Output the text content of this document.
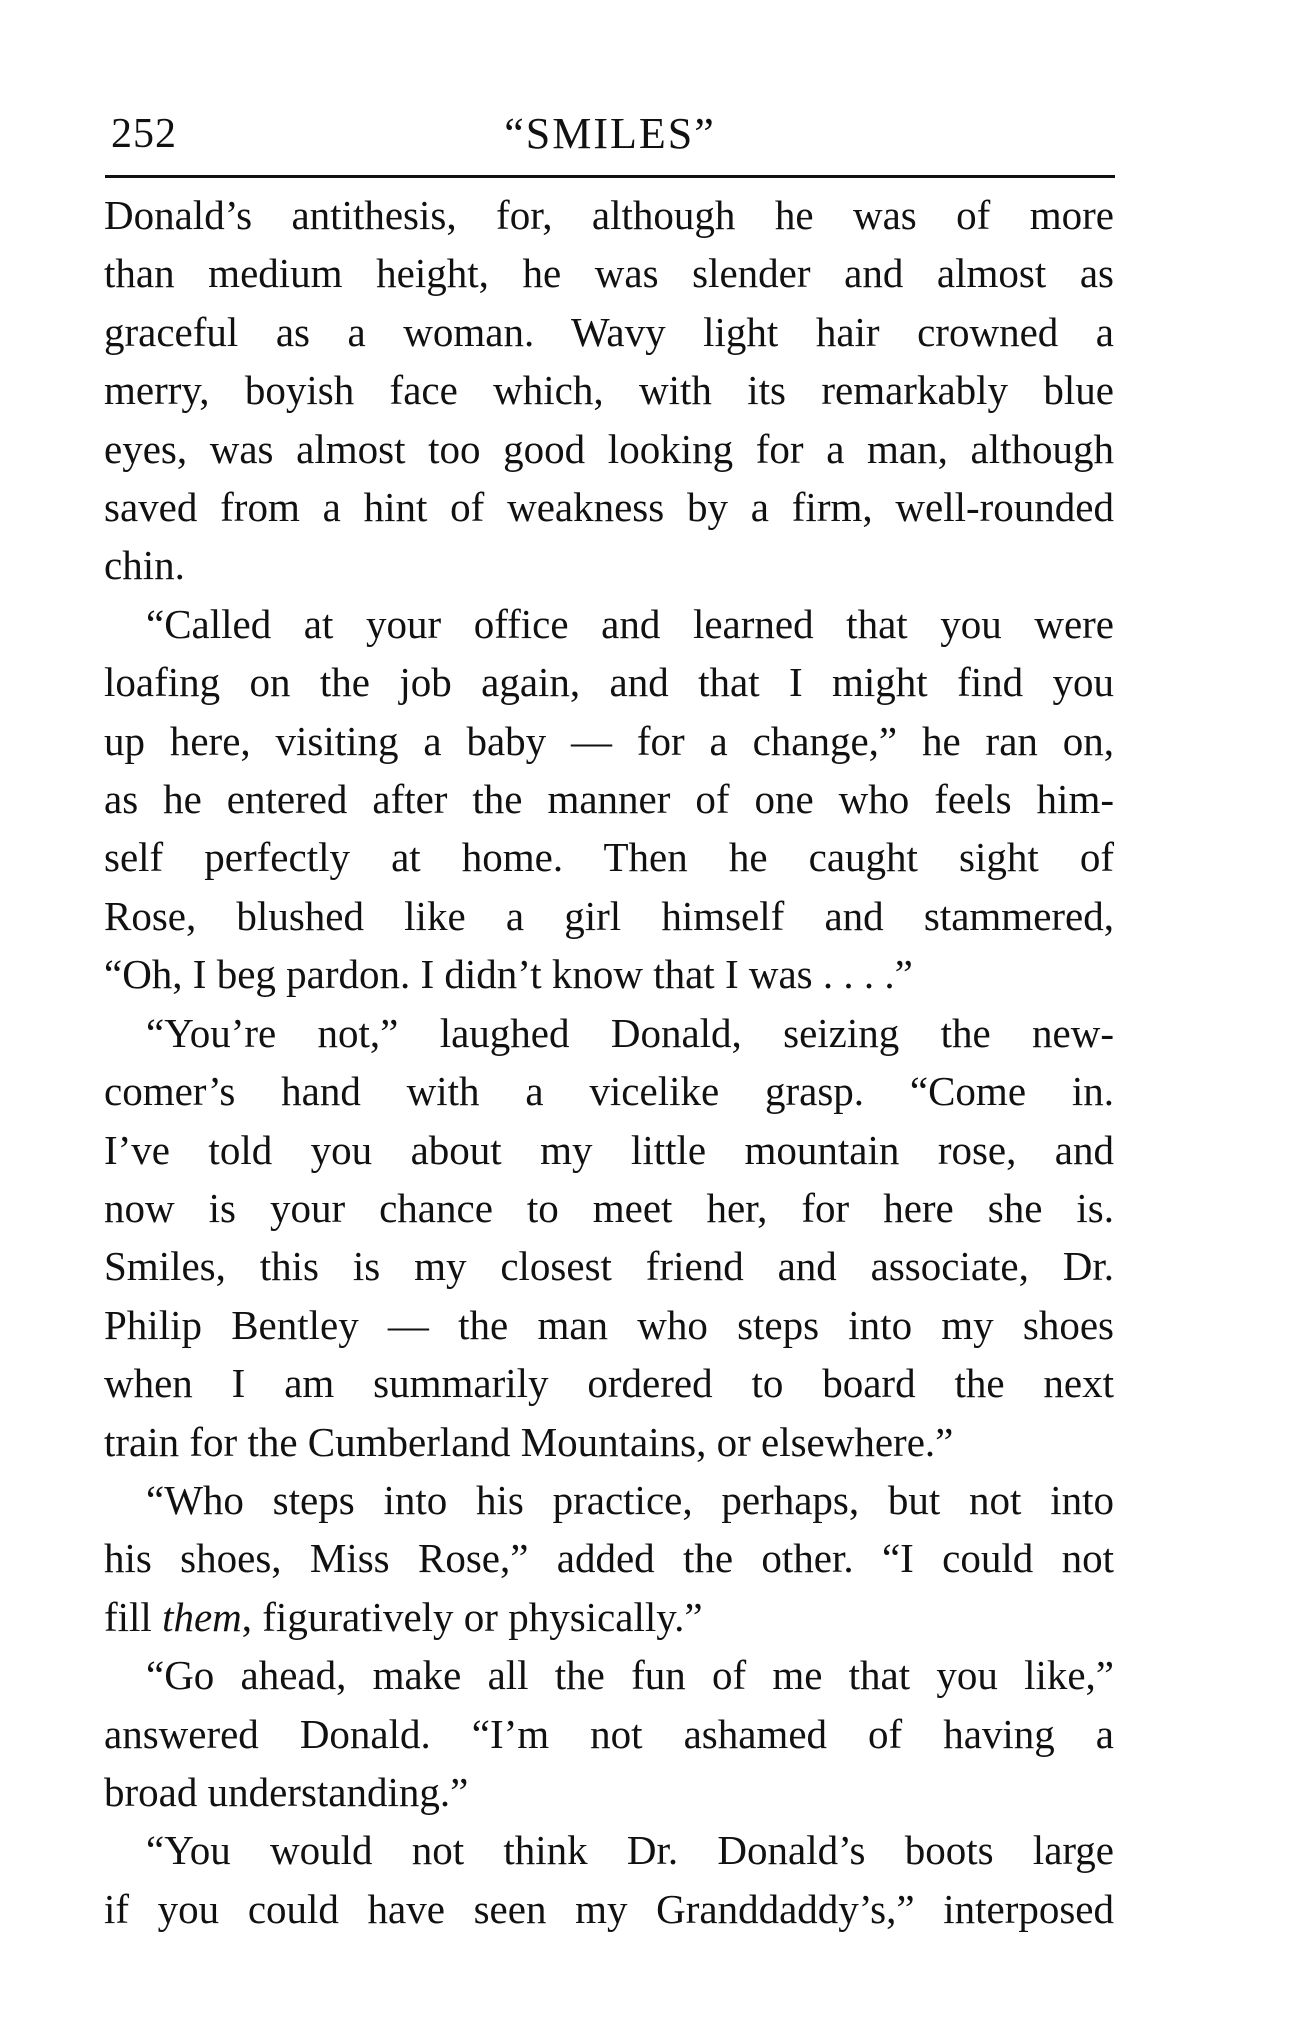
252	“SMILES”

Donald’s antithesis, for, although he was of more
than medium height, he was slender and almost as
graceful as a woman. Wavy light hair crowned a
merry, boyish face which, with its remarkably blue
eyes, was almost too good looking for a man, although
saved from a hint of weakness by a firm, well-rounded
chin.

“Called at your office and learned that you were
loafing on the job again, and that I might find you
up here, visiting a baby — for a change,” he ran on,
as he entered after the manner of one who feels him-
self perfectly at home. Then he caught sight of
Rose, blushed like a girl himself and stammered,
“Oh, I beg pardon. I didn’t know that I was . . . .”

“You’re not,” laughed Donald, seizing the new-
comer’s hand with a vicelike grasp. “Come in.
I’ve told you about my little mountain rose, and
now is your chance to meet her, for here she is.
Smiles, this is my closest friend and associate, Dr.
Philip Bentley — the man who steps into my shoes
when I am summarily ordered to board the next
train for the Cumberland Mountains, or elsewhere.”

“Who steps into his practice, perhaps, but not into
his shoes, Miss Rose,” added the other. “I could not
fill them, figuratively or physically.”

“Go ahead, make all the fun of me that you like,”
answered Donald. “I’m not ashamed of having a
broad understanding.”

“You would not think Dr. Donald’s boots large
if you could have seen my Granddaddy’s,” interposed
